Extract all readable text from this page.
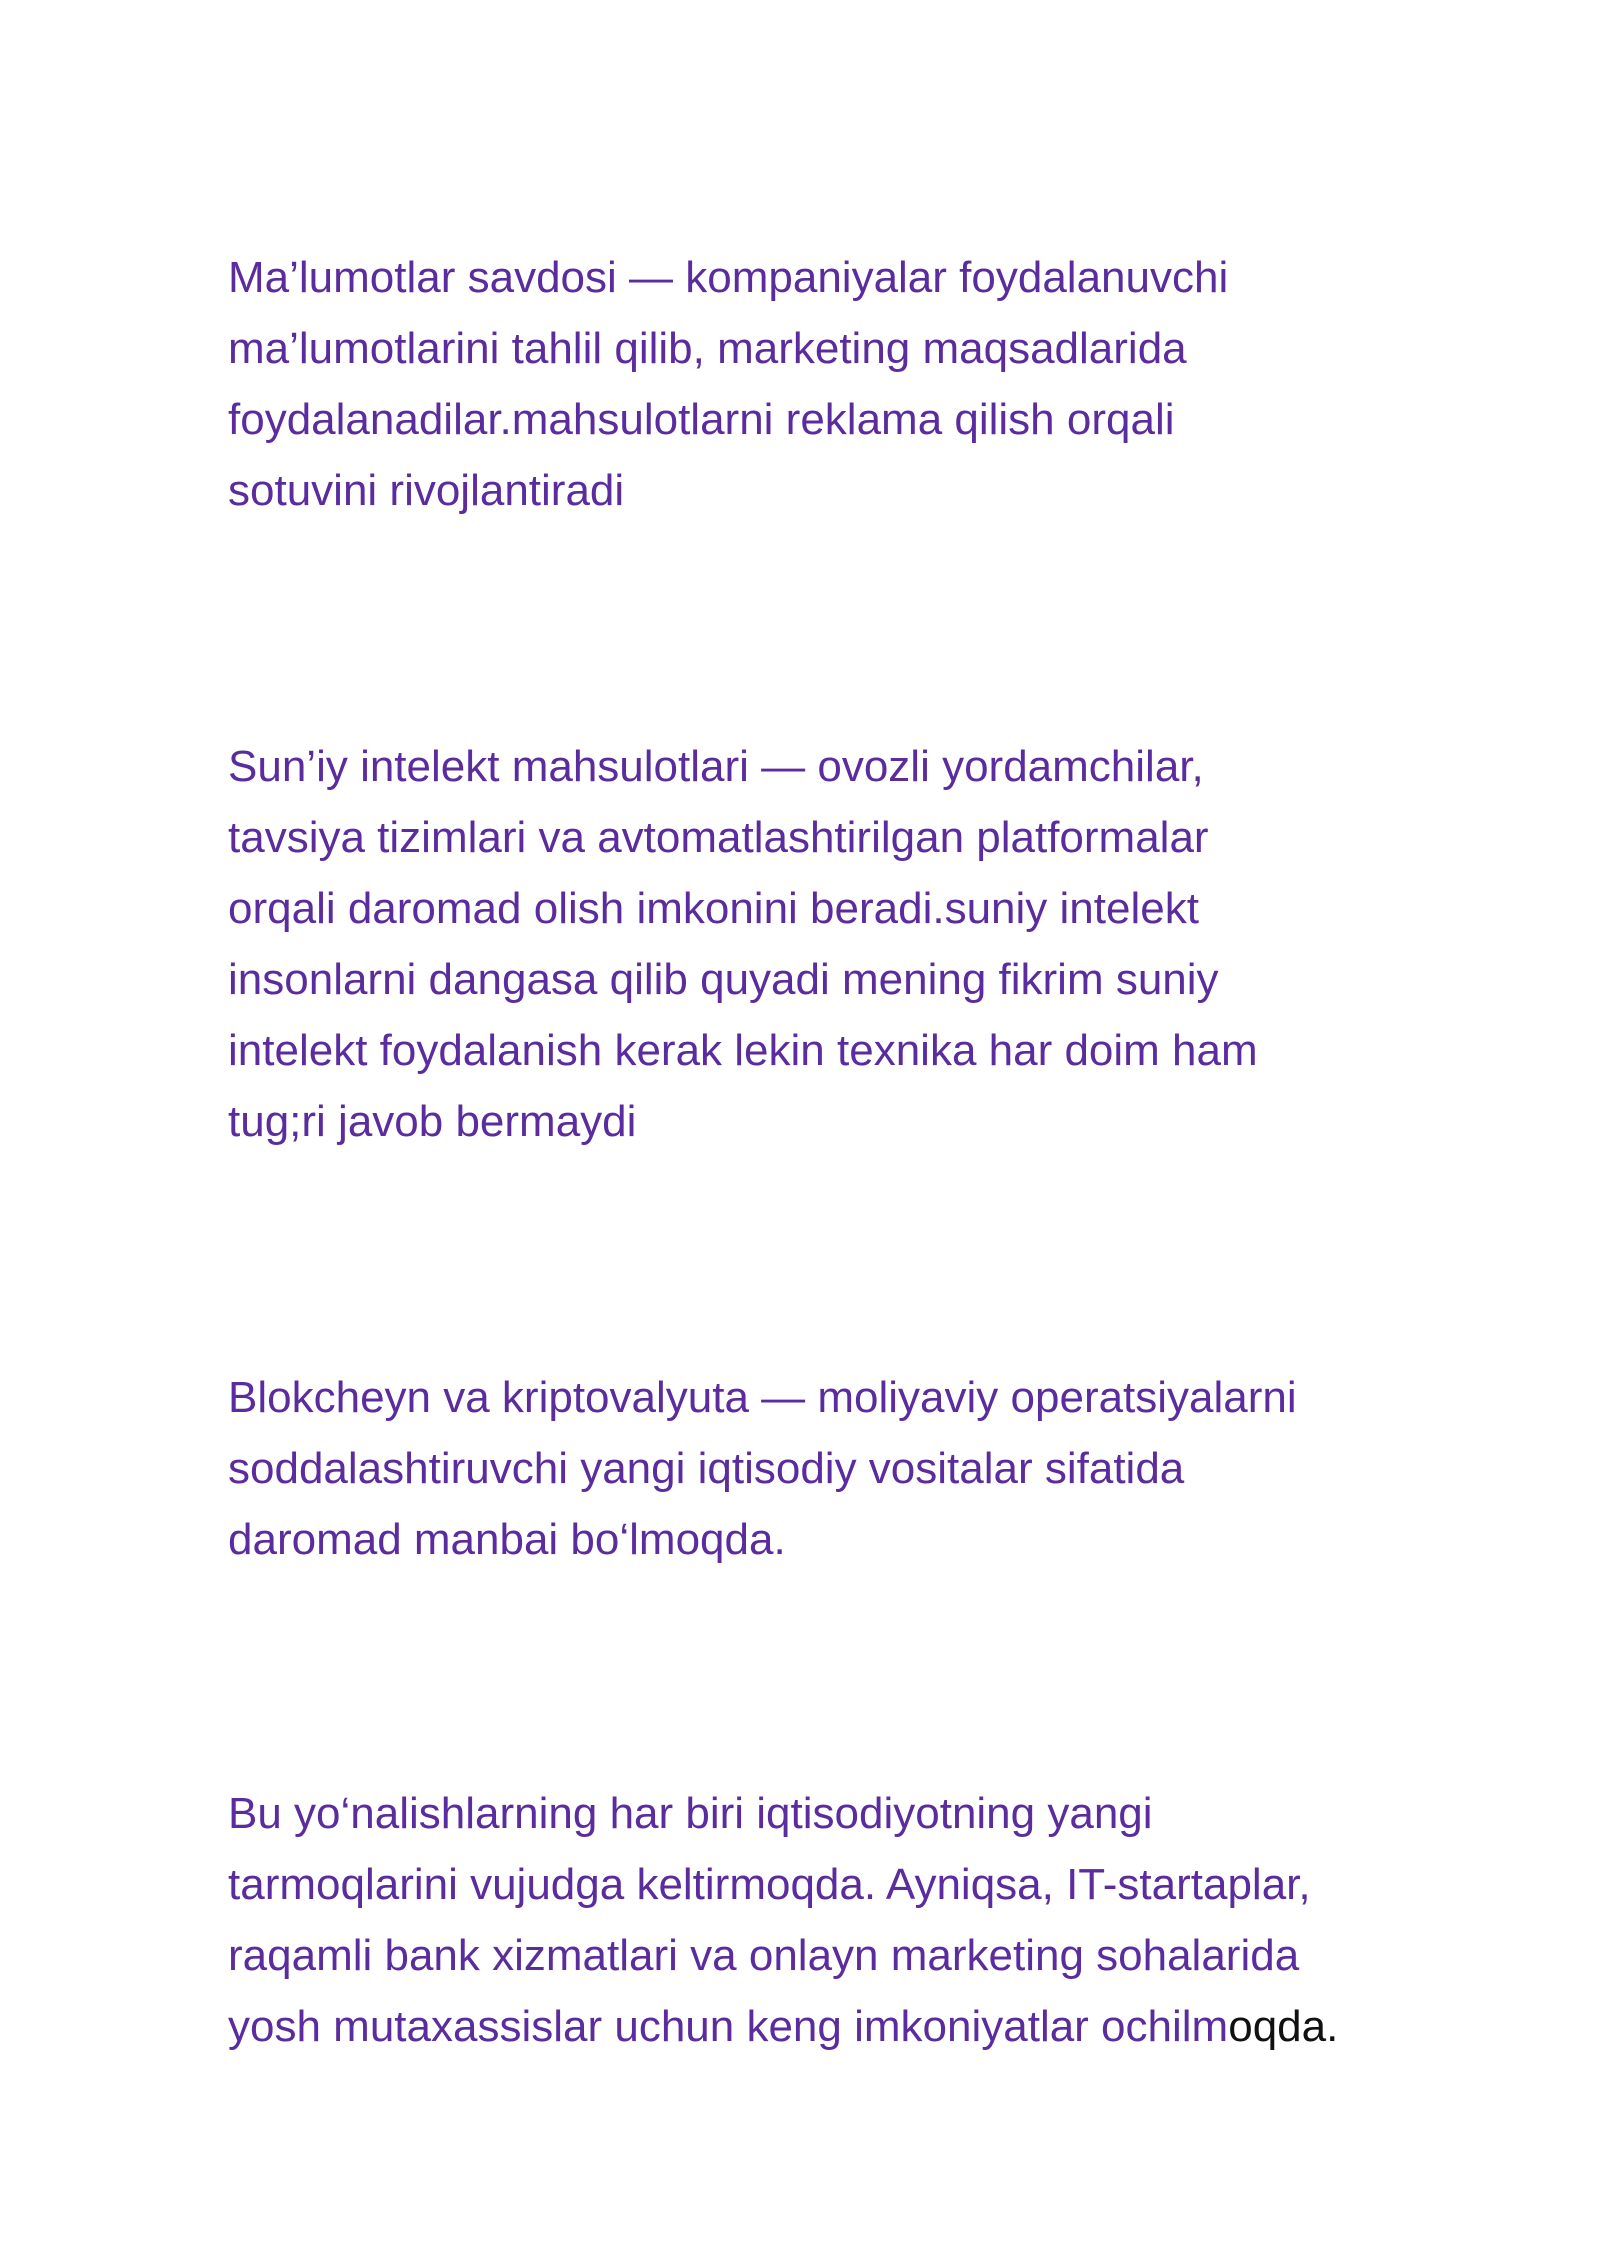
Ma’lumotlar savdosi — kompaniyalar foydalanuvchi
ma’lumotlarini tahlil qilib, marketing maqsadlarida
foydalanadilar.mahsulotlarni reklama qilish orqali
sotuvini rivojlantiradi

Sun’iy intelekt mahsulotlari — ovozli yordamchilar,
tavsiya tizimlari va avtomatlashtirilgan platformalar
orqali daromad olish imkonini beradi.suniy intelekt
insonlarni dangasa qilib quyadi mening fikrim suniy
intelekt foydalanish kerak lekin texnika har doim ham
tug;ri javob bermaydi

Blokcheyn va kriptovalyuta — moliyaviy operatsiyalarni
soddalashtiruvchi yangi iqtisodiy vositalar sifatida
daromad manbai bo‘lmoqda.

Bu yo‘nalishlarning har biri iqtisodiyotning yangi
tarmoqlarini vujudga keltirmoqda. Ayniqsa, IT-startaplar,
raqamli bank xizmatlari va onlayn marketing sohalarida
yosh mutaxassislar uchun keng imkoniyatlar ochilmoqda.
